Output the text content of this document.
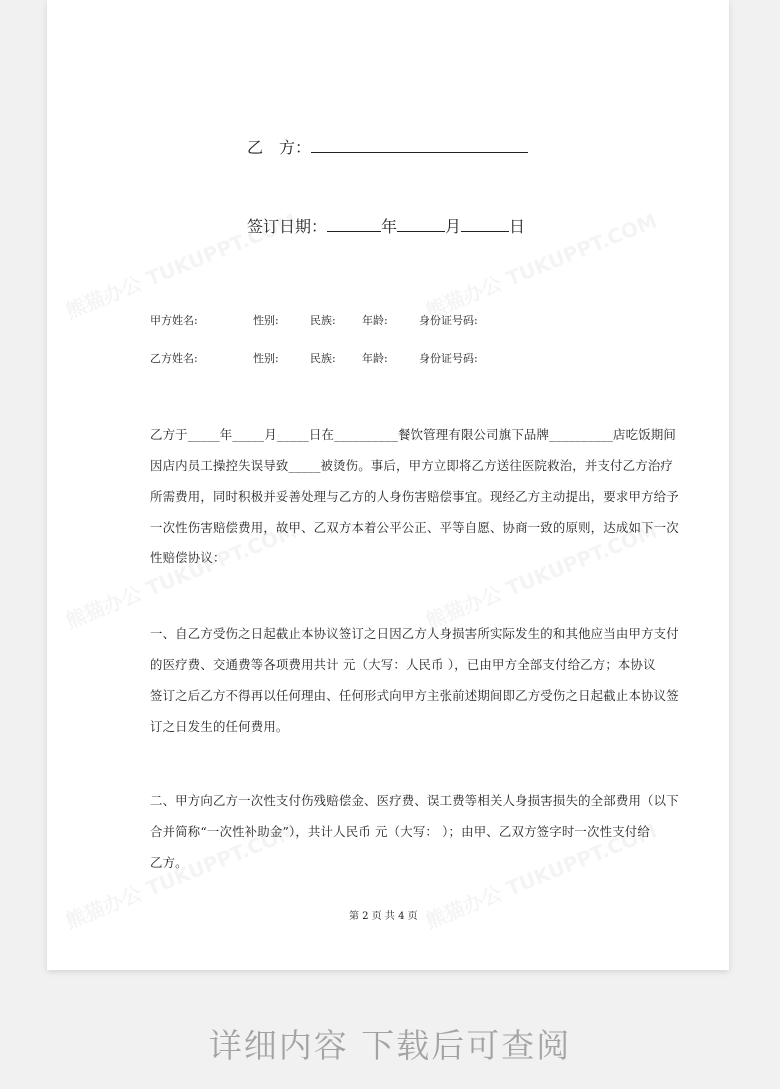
乙　方：
签订日期：	年	月	日
甲方姓名:	性别:	民族: 年龄:	身份证号码:
乙方姓名:	性别:	民族: 年龄:	身份证号码:
乙方于_____年_____月_____日在__________餐饮管理有限公司旗下品牌__________店吃饭期间
因店内员工操控失误导致_____被烫伤。事后，甲方立即将乙方送往医院救治，并支付乙方治疗
所需费用，同时积极并妥善处理与乙方的人身伤害赔偿事宜。现经乙方主动提出，要求甲方给予
一次性伤害赔偿费用，故甲、乙双方本着公平公正、平等自愿、协商一致的原则，达成如下一次
性赔偿协议：
一、自乙方受伤之日起截止本协议签订之日因乙方人身损害所实际发生的和其他应当由甲方支付
的医疗费、交通费等各项费用共计 元（大写：人民币 ），已由甲方全部支付给乙方；本协议
签订之后乙方不得再以任何理由、任何形式向甲方主张前述期间即乙方受伤之日起截止本协议签
订之日发生的任何费用。
二、甲方向乙方一次性支付伤残赔偿金、医疗费、误工费等相关人身损害损失的全部费用（以下
合并简称“一次性补助金”），共计人民币 元（大写： ）；由甲、乙双方签字时一次性支付给
乙方。
第 2 页 共 4 页
详细内容 下载后可查阅
